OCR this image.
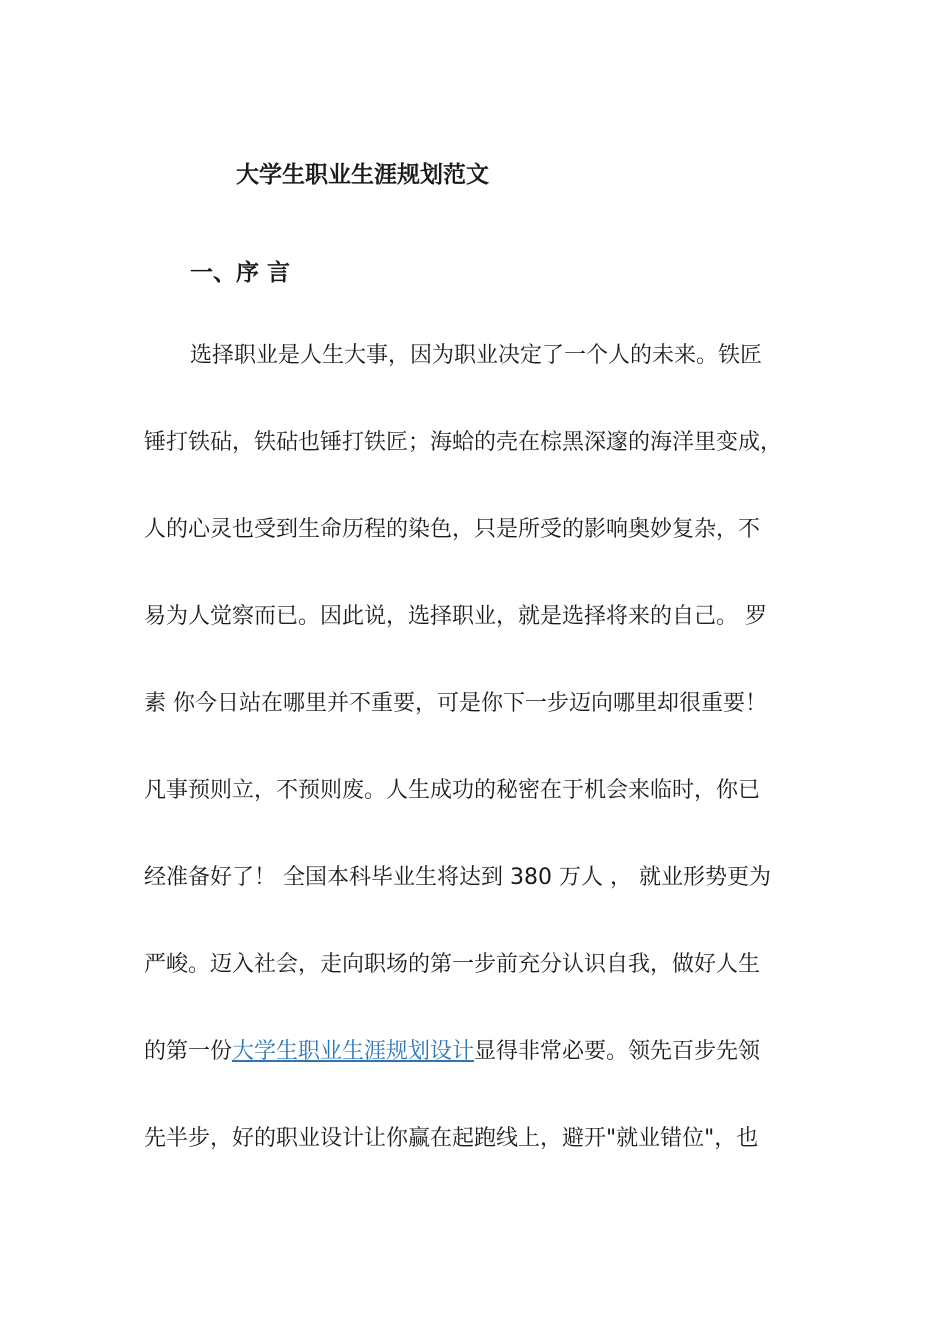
大学生职业生涯规划范文
一、序 言
选择职业是人生大事，因为职业决定了一个人的未来。铁匠
锤打铁砧，铁砧也锤打铁匠；海蛤的壳在棕黑深邃的海洋里变成，
人的心灵也受到生命历程的染色，只是所受的影响奥妙复杂，不
易为人觉察而已。因此说，选择职业，就是选择将来的自己。 罗
素 你今日站在哪里并不重要，可是你下一步迈向哪里却很重要！
凡事预则立，不预则废。人生成功的秘密在于机会来临时，你已
经准备好了！ 全国本科毕业生将达到 380 万人 ， 就业形势更为
严峻。迈入社会，走向职场的第一步前充分认识自我，做好人生
的第一份大学生职业生涯规划设计显得非常必要。领先百步先领
先半步，好的职业设计让你赢在起跑线上，避开"就业错位"，也
